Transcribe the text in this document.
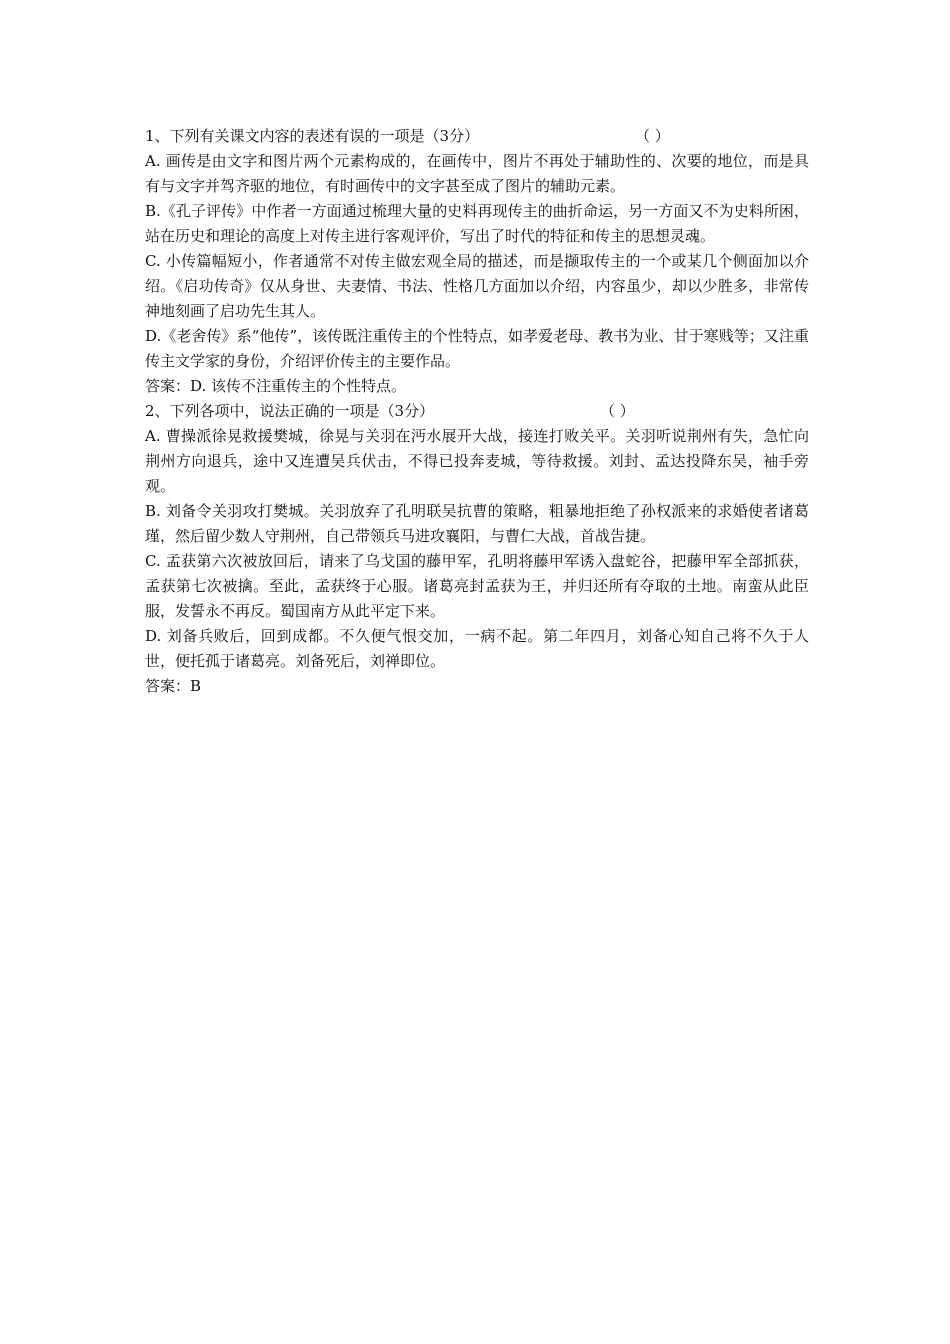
1、下列有关课文内容的表述有误的一项是（3分）	（ ）
A. 画传是由文字和图片两个元素构成的，在画传中，图片不再处于辅助性的、次要的地位，而是具有与文字并驾齐驱的地位，有时画传中的文字甚至成了图片的辅助元素。
B.《孔子评传》中作者一方面通过梳理大量的史料再现传主的曲折命运，另一方面又不为史料所困，站在历史和理论的高度上对传主进行客观评价，写出了时代的特征和传主的思想灵魂。
C. 小传篇幅短小，作者通常不对传主做宏观全局的描述，而是撷取传主的一个或某几个侧面加以介绍。《启功传奇》仅从身世、夫妻情、书法、性格几方面加以介绍，内容虽少，却以少胜多，非常传神地刻画了启功先生其人。
D.《老舍传》系“他传”，该传既注重传主的个性特点，如孝爱老母、教书为业、甘于寒贱等；又注重传主文学家的身份，介绍评价传主的主要作品。
答案：D. 该传不注重传主的个性特点。
2、下列各项中，说法正确的一项是（3分）	（ ）
A. 曹操派徐晃救援樊城，徐晃与关羽在沔水展开大战，接连打败关平。关羽听说荆州有失，急忙向荆州方向退兵，途中又连遭吴兵伏击，不得已投奔麦城，等待救援。刘封、孟达投降东吴，袖手旁观。
B. 刘备令关羽攻打樊城。关羽放弃了孔明联吴抗曹的策略，粗暴地拒绝了孙权派来的求婚使者诸葛瑾，然后留少数人守荆州，自己带领兵马进攻襄阳，与曹仁大战，首战告捷。
C. 孟获第六次被放回后，请来了乌戈国的藤甲军，孔明将藤甲军诱入盘蛇谷，把藤甲军全部抓获，孟获第七次被擒。至此，孟获终于心服。诸葛亮封孟获为王，并归还所有夺取的土地。南蛮从此臣服，发誓永不再反。蜀国南方从此平定下来。
D. 刘备兵败后，回到成都。不久便气恨交加，一病不起。第二年四月，刘备心知自己将不久于人世，便托孤于诸葛亮。刘备死后，刘禅即位。
答案：B
